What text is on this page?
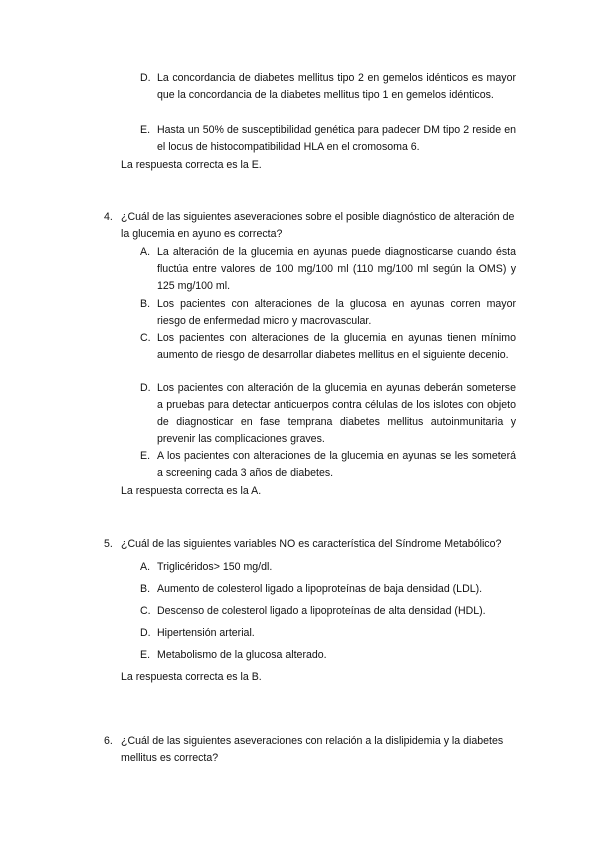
D. La concordancia de diabetes mellitus tipo 2 en gemelos idénticos es mayor que la concordancia de la diabetes mellitus tipo 1 en gemelos idénticos.
E. Hasta un 50% de susceptibilidad genética para padecer DM tipo 2 reside en el locus de histocompatibilidad HLA en el cromosoma 6.
La respuesta correcta es la E.
4. ¿Cuál de las siguientes aseveraciones sobre el posible diagnóstico de alteración de la glucemia en ayuno es correcta?
A. La alteración de la glucemia en ayunas puede diagnosticarse cuando ésta fluctúa entre valores de 100 mg/100 ml (110 mg/100 ml según la OMS) y 125 mg/100 ml.
B. Los pacientes con alteraciones de la glucosa en ayunas corren mayor riesgo de enfermedad micro y macrovascular.
C. Los pacientes con alteraciones de la glucemia en ayunas tienen mínimo aumento de riesgo de desarrollar diabetes mellitus en el siguiente decenio.
D. Los pacientes con alteración de la glucemia en ayunas deberán someterse a pruebas para detectar anticuerpos contra células de los islotes con objeto de diagnosticar en fase temprana diabetes mellitus autoinmunitaria y prevenir las complicaciones graves.
E. A los pacientes con alteraciones de la glucemia en ayunas se les someterá a screening cada 3 años de diabetes.
La respuesta correcta es la A.
5. ¿Cuál de las siguientes variables NO es característica del Síndrome Metabólico?
A. Triglicéridos> 150 mg/dl.
B. Aumento de colesterol ligado a lipoproteínas de baja densidad (LDL).
C. Descenso de colesterol ligado a lipoproteínas de alta densidad (HDL).
D. Hipertensión arterial.
E. Metabolismo de la glucosa alterado.
La respuesta correcta es la B.
6. ¿Cuál de las siguientes aseveraciones con relación a la dislipidemia y la diabetes mellitus es correcta?
